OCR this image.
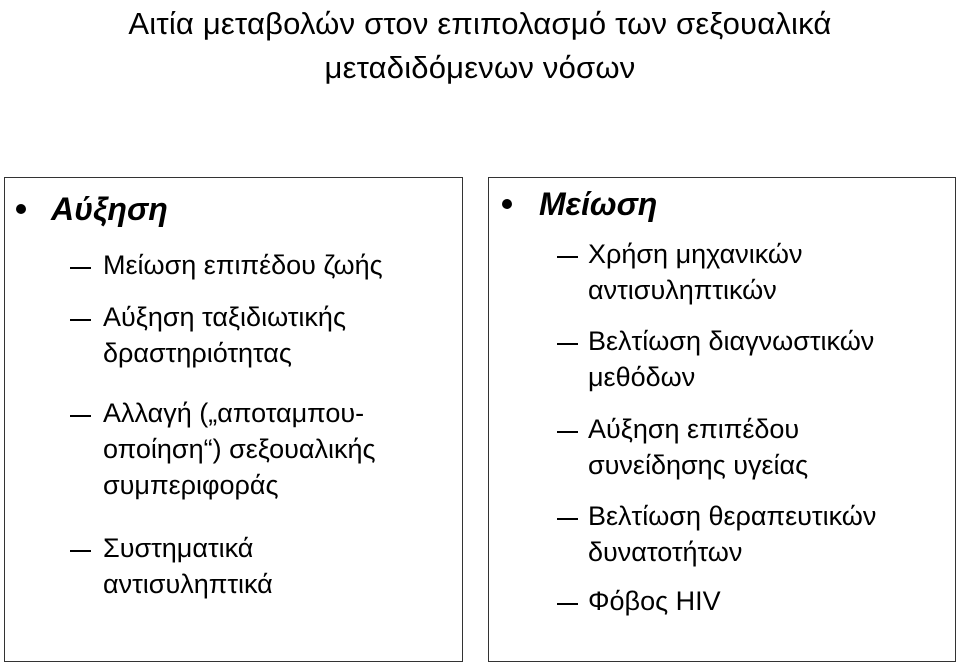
Αιτία μεταβολών στον επιπολασμό των σεξουαλικά
μεταδιδόμενων νόσων
Αύξηση
Μείωση επιπέδου ζωής
Αύξηση ταξιδιωτικής
δραστηριότητας
Αλλαγή („αποταμπου-
οποίηση“) σεξουαλικής
συμπεριφοράς
Συστηματικά
αντισυληπτικά
Μείωση
Χρήση μηχανικών
αντισυληπτικών
Βελτίωση διαγνωστικών
μεθόδων
Αύξηση επιπέδου
συνείδησης υγείας
Βελτίωση θεραπευτικών
δυνατοτήτων
Φόβος HIV
